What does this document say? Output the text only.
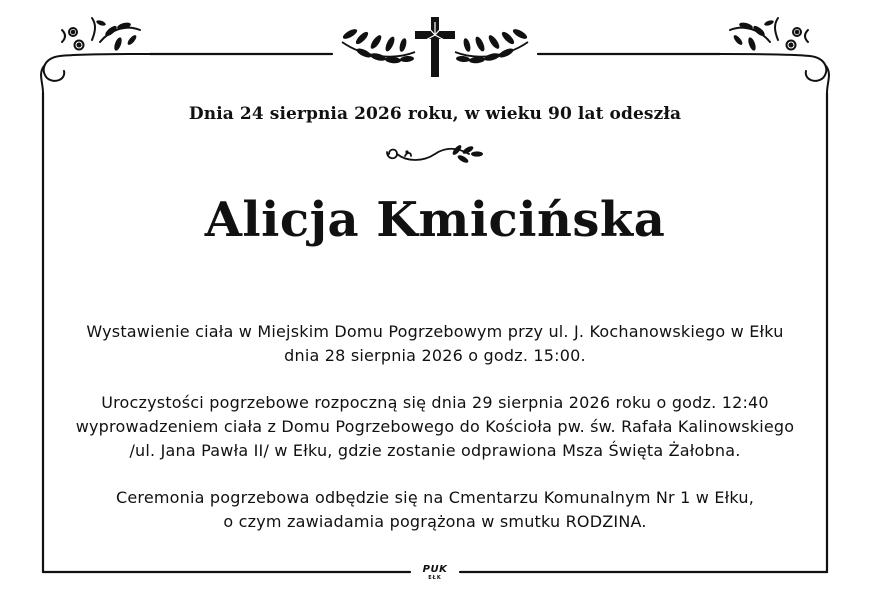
Dnia 24 sierpnia 2026 roku, w wieku 90 lat odeszła
Alicja Kmicińska
Wystawienie ciała w Miejskim Domu Pogrzebowym przy ul. J. Kochanowskiego w Ełku
dnia 28 sierpnia 2026 o godz. 15:00.
Uroczystości pogrzebowe rozpoczną się dnia 29 sierpnia 2026 roku o godz. 12:40
wyprowadzeniem ciała z Domu Pogrzebowego do Kościoła pw. św. Rafała Kalinowskiego
/ul. Jana Pawła II/ w Ełku, gdzie zostanie odprawiona Msza Święta Żałobna.
Ceremonia pogrzebowa odbędzie się na Cmentarzu Komunalnym Nr 1 w Ełku,
o czym zawiadamia pogrążona w smutku RODZINA.
PUK
EŁK
